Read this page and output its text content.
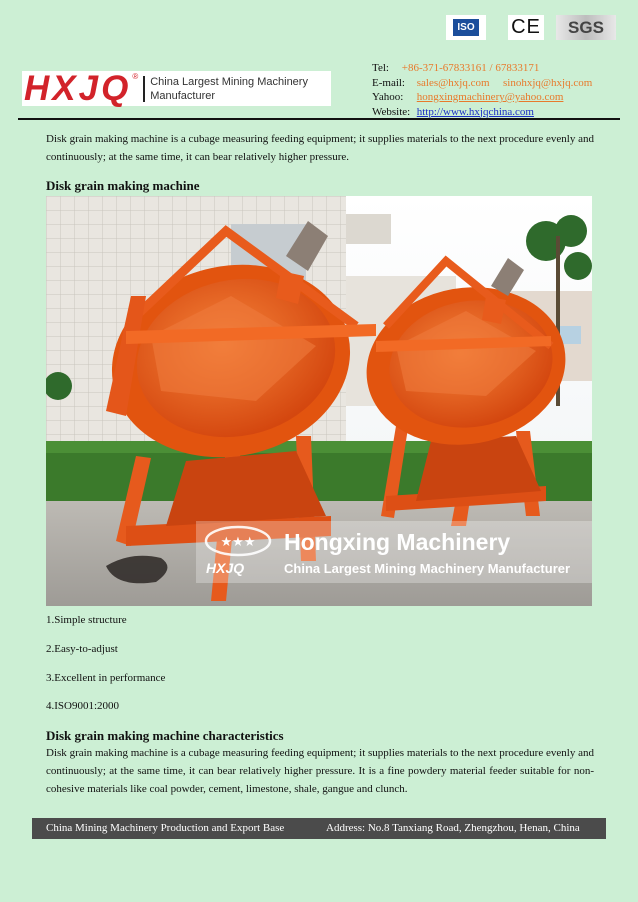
ISO CE	SGS
HXJQ ® China Largest Mining Machinery
Manufacturer
Tel: +86-371-67833161 / 67833171
E-mail: sales@hxjq.com sinohxjq@hxjq.com
Yahoo: hongxingmachinery@yahoo.com
Website: http://www.hxjqchina.com
Disk grain making machine is a cubage measuring feeding equipment; it supplies materials to the next procedure evenly and continuously; at the same time, it can bear relatively higher pressure.
Disk grain making machine
★★★ Hongxing Machinery
HXJQ	China Largest Mining Machinery Manufacturer
1.Simple structure
2.Easy-to-adjust
3.Excellent in performance
4.ISO9001:2000
Disk grain making machine characteristics
Disk grain making machine is a cubage measuring feeding equipment; it supplies materials to the next procedure evenly and continuously; at the same time, it can bear relatively higher pressure. It is a fine powdery material feeder suitable for non-cohesive materials like coal powder, cement, limestone, shale, gangue and clunch.
China Mining Machinery Production and Export Base	Address: No.8 Tanxiang Road, Zhengzhou, Henan, China
